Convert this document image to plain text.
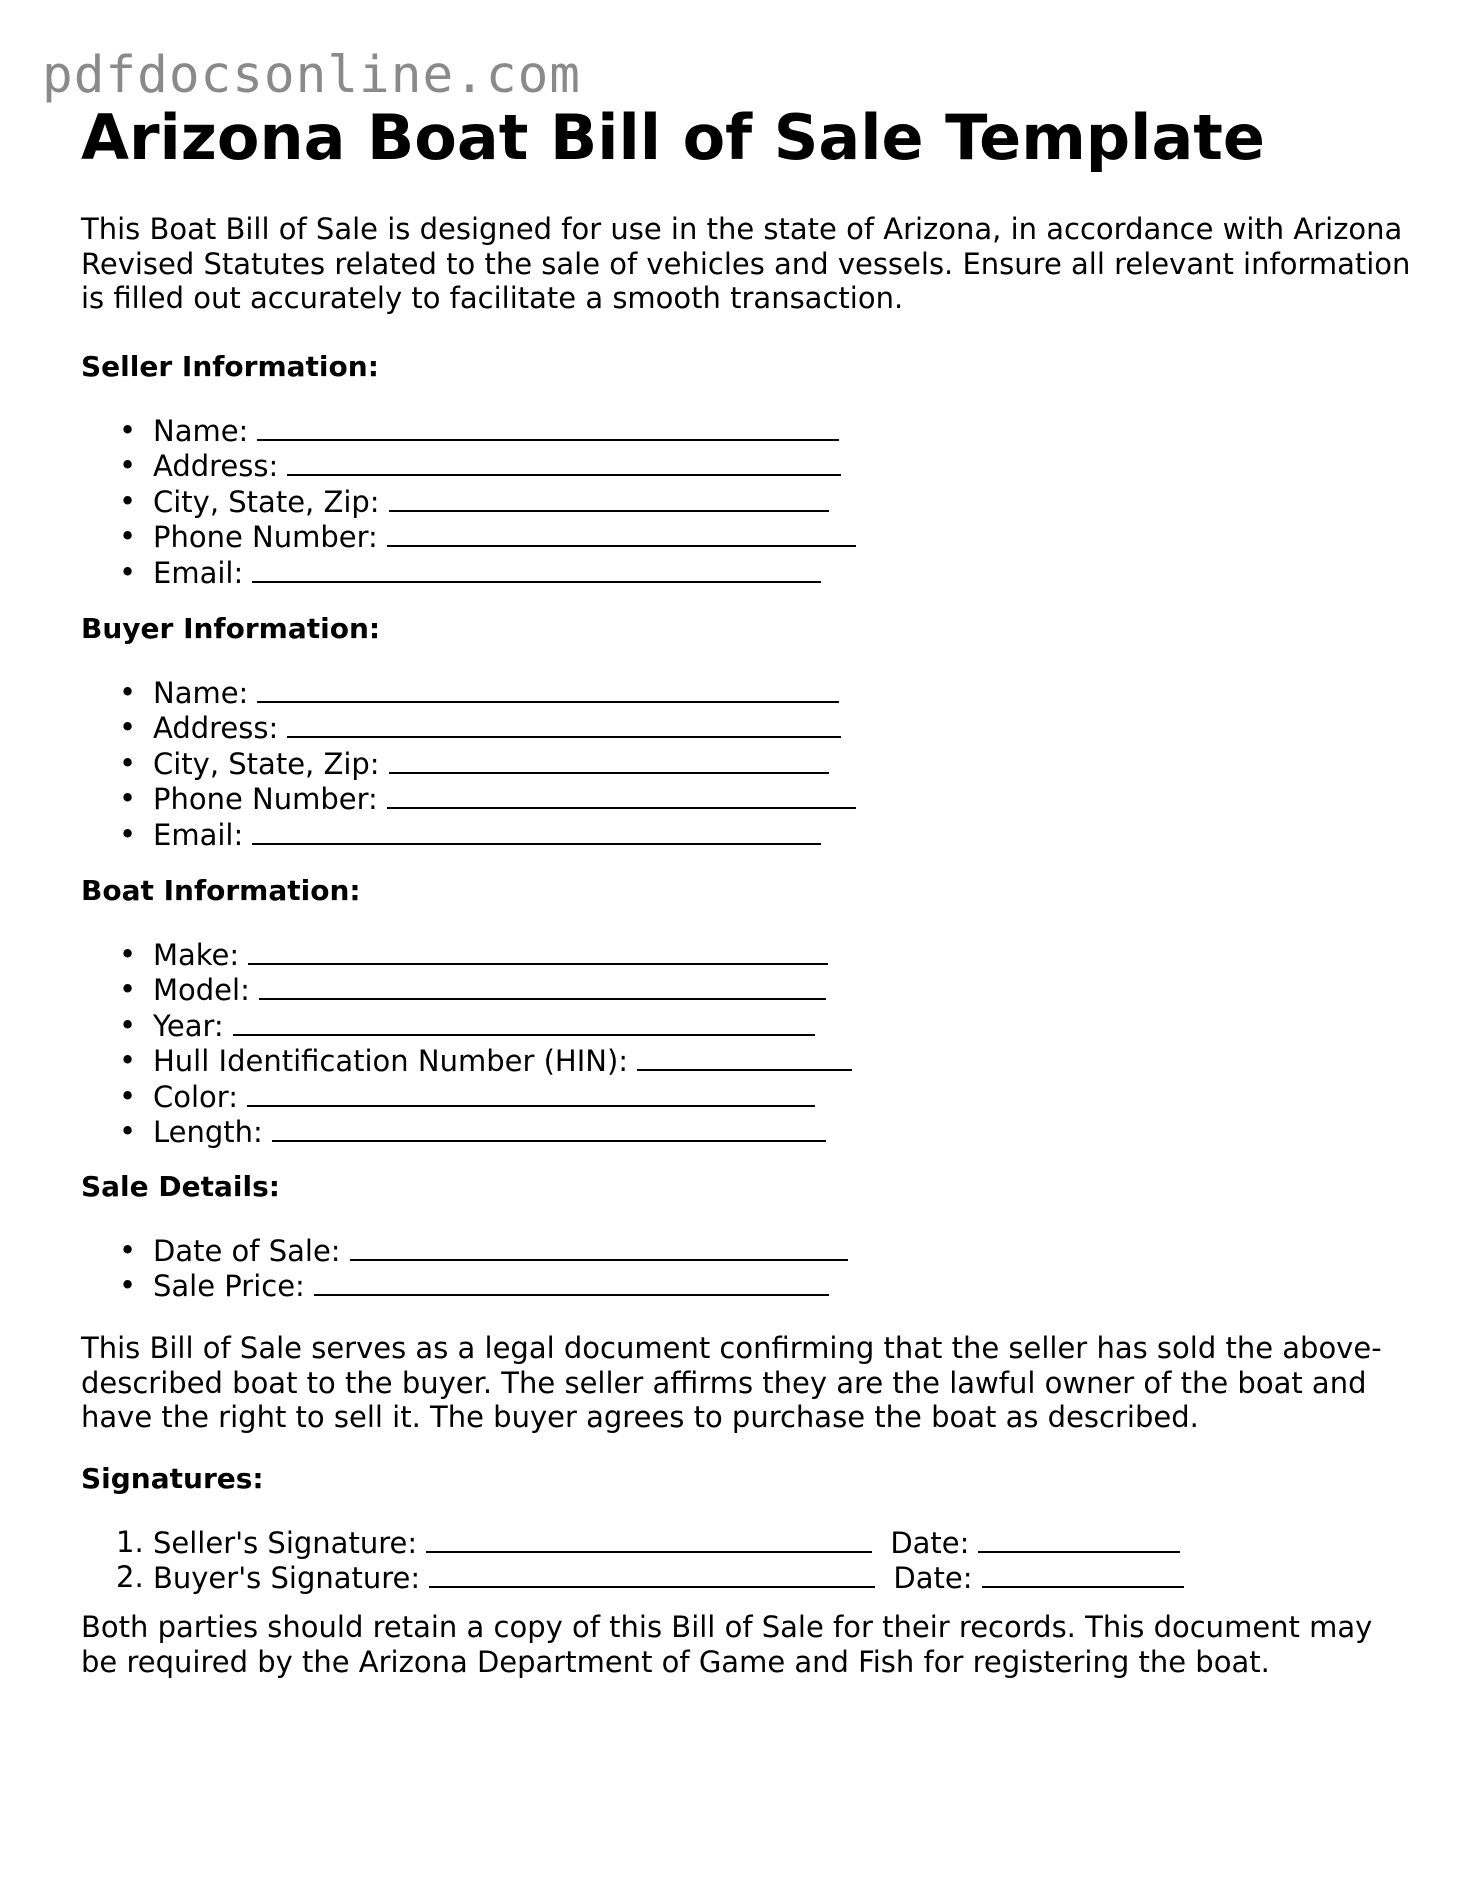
pdfdocsonline.com
Arizona Boat Bill of Sale Template

This Boat Bill of Sale is designed for use in the state of Arizona, in accordance with Arizona Revised Statutes related to the sale of vehicles and vessels. Ensure all relevant information is filled out accurately to facilitate a smooth transaction.

Seller Information:
• Name:
• Address:
• City, State, Zip:
• Phone Number:
• Email:
Buyer Information:
• Name:
• Address:
• City, State, Zip:
• Phone Number:
• Email:
Boat Information:
• Make:
• Model:
• Year:
• Hull Identification Number (HIN):
• Color:
• Length:
Sale Details:
• Date of Sale:
• Sale Price:

This Bill of Sale serves as a legal document confirming that the seller has sold the above-described boat to the buyer. The seller affirms they are the lawful owner of the boat and have the right to sell it. The buyer agrees to purchase the boat as described.

Signatures:
1. Seller's Signature:	Date:
2. Buyer's Signature:	Date:

Both parties should retain a copy of this Bill of Sale for their records. This document may be required by the Arizona Department of Game and Fish for registering the boat.
